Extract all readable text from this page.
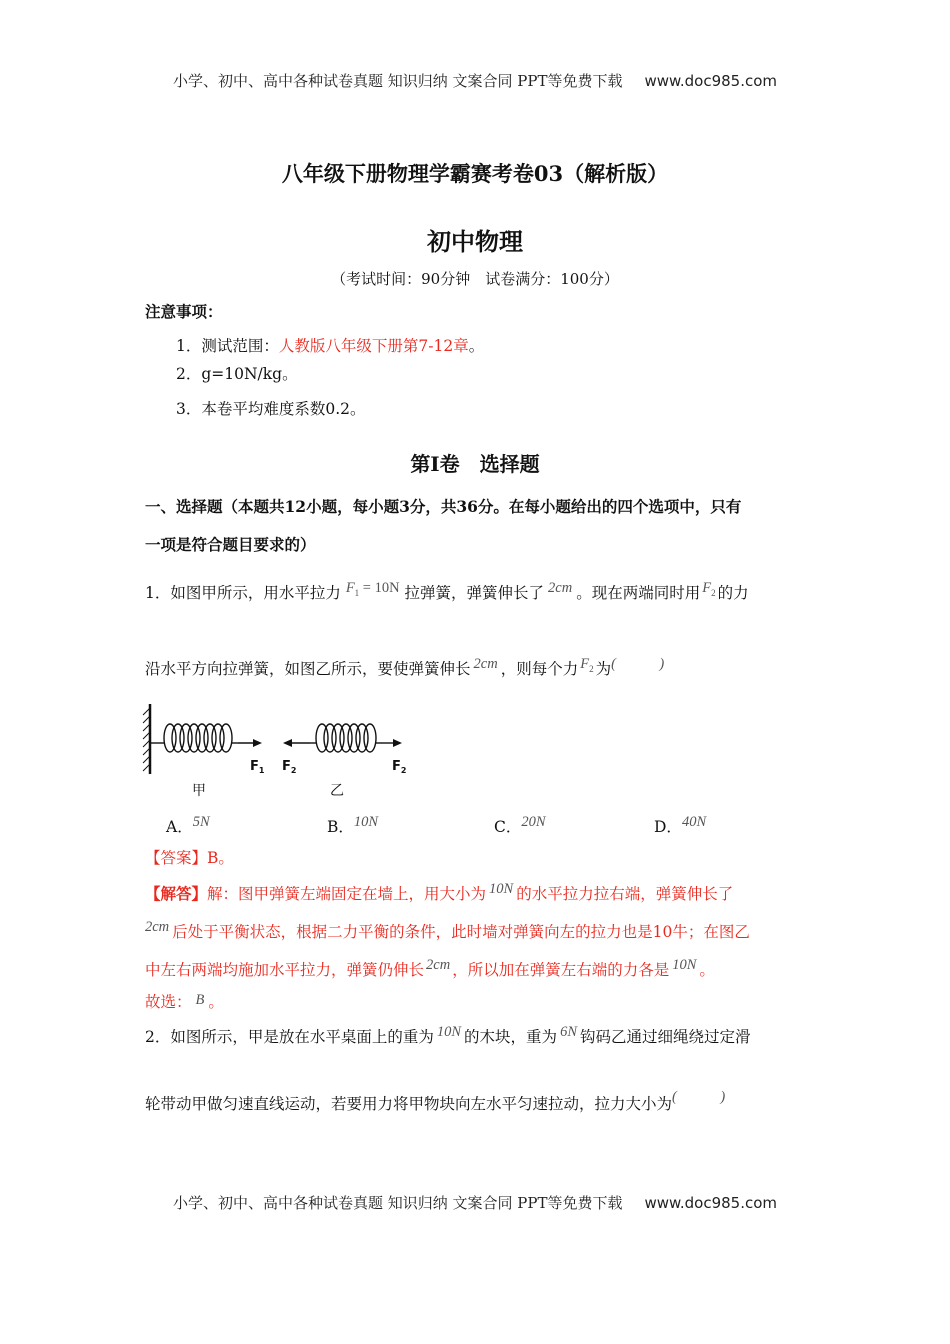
小学、初中、高中各种试卷真题 知识归纳 文案合同 PPT等免费下载 www.doc985.com
八年级下册物理学霸赛考卷03（解析版）
初中物理
（考试时间：90分钟　试卷满分：100分）
注意事项：
1．测试范围：人教版八年级下册第7-12章。
2．g=10N/kg。
3．本卷平均难度系数0.2。
第Ⅰ卷　选择题
一、选择题（本题共12小题，每小题3分，共36分。在每小题给出的四个选项中，只有
一项是符合题目要求的）
1．如图甲所示，用水平拉力 $F_1 = 10N$ 拉弹簧，弹簧伸长了 2cm 。现在两端同时用 $F_2$ 的力
沿水平方向拉弹簧，如图乙所示，要使弹簧伸长 2cm ，则每个力 $F_2$ 为(　　　)
$F_1$ $F_2$	$F_2$
甲	乙
A．5N	B．10N	C．20N	D．40N
【答案】B。
【解答】解：图甲弹簧左端固定在墙上，用大小为 10N 的水平拉力拉右端，弹簧伸长了
2cm 后处于平衡状态，根据二力平衡的条件，此时墙对弹簧向左的拉力也是10牛；在图乙
中左右两端均施加水平拉力，弹簧仍伸长 2cm ，所以加在弹簧左右端的力各是 10N 。
故选： B 。
2．如图所示，甲是放在水平桌面上的重为 10N 的木块，重为 6N 钩码乙通过细绳绕过定滑
轮带动甲做匀速直线运动，若要用力将甲物块向左水平匀速拉动，拉力大小为(　　　)
小学、初中、高中各种试卷真题 知识归纳 文案合同 PPT等免费下载 www.doc985.com
